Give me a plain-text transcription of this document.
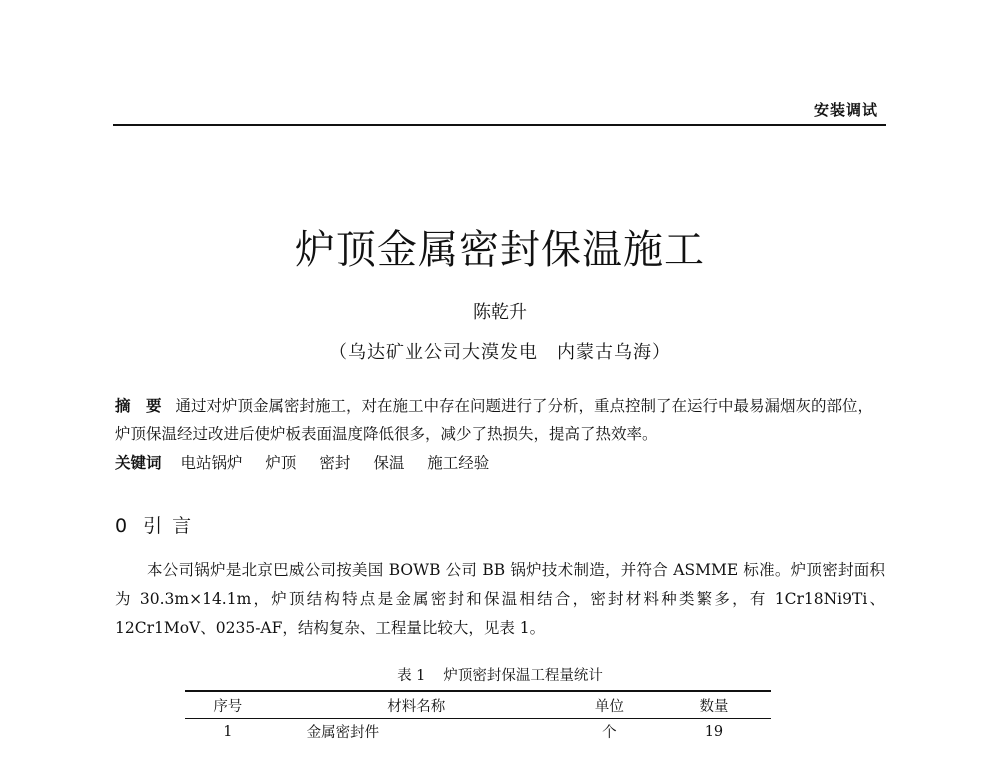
安装调试
炉顶金属密封保温施工
陈乾升
（乌达矿业公司大漠发电　内蒙古乌海）
摘　要 通过对炉顶金属密封施工，对在施工中存在问题进行了分析，重点控制了在运行中最易漏烟灰的部位，炉顶保温经过改进后使炉板表面温度降低很多，减少了热损失，提高了热效率。
关键词 电站锅炉 炉顶 密封 保温 施工经验
0 引 言
本公司锅炉是北京巴威公司按美国 BOWB 公司 BB 锅炉技术制造，并符合 ASMME 标准。炉顶密封面积为 30.3m×14.1m，炉顶结构特点是金属密封和保温相结合，密封材料种类繁多，有 1Cr18Ni9Ti、12Cr1MoV、0235-AF，结构复杂、工程量比较大，见表 1。
表 1 炉顶密封保温工程量统计
序号	材料名称	单位	数量
1	金属密封件	个	19
